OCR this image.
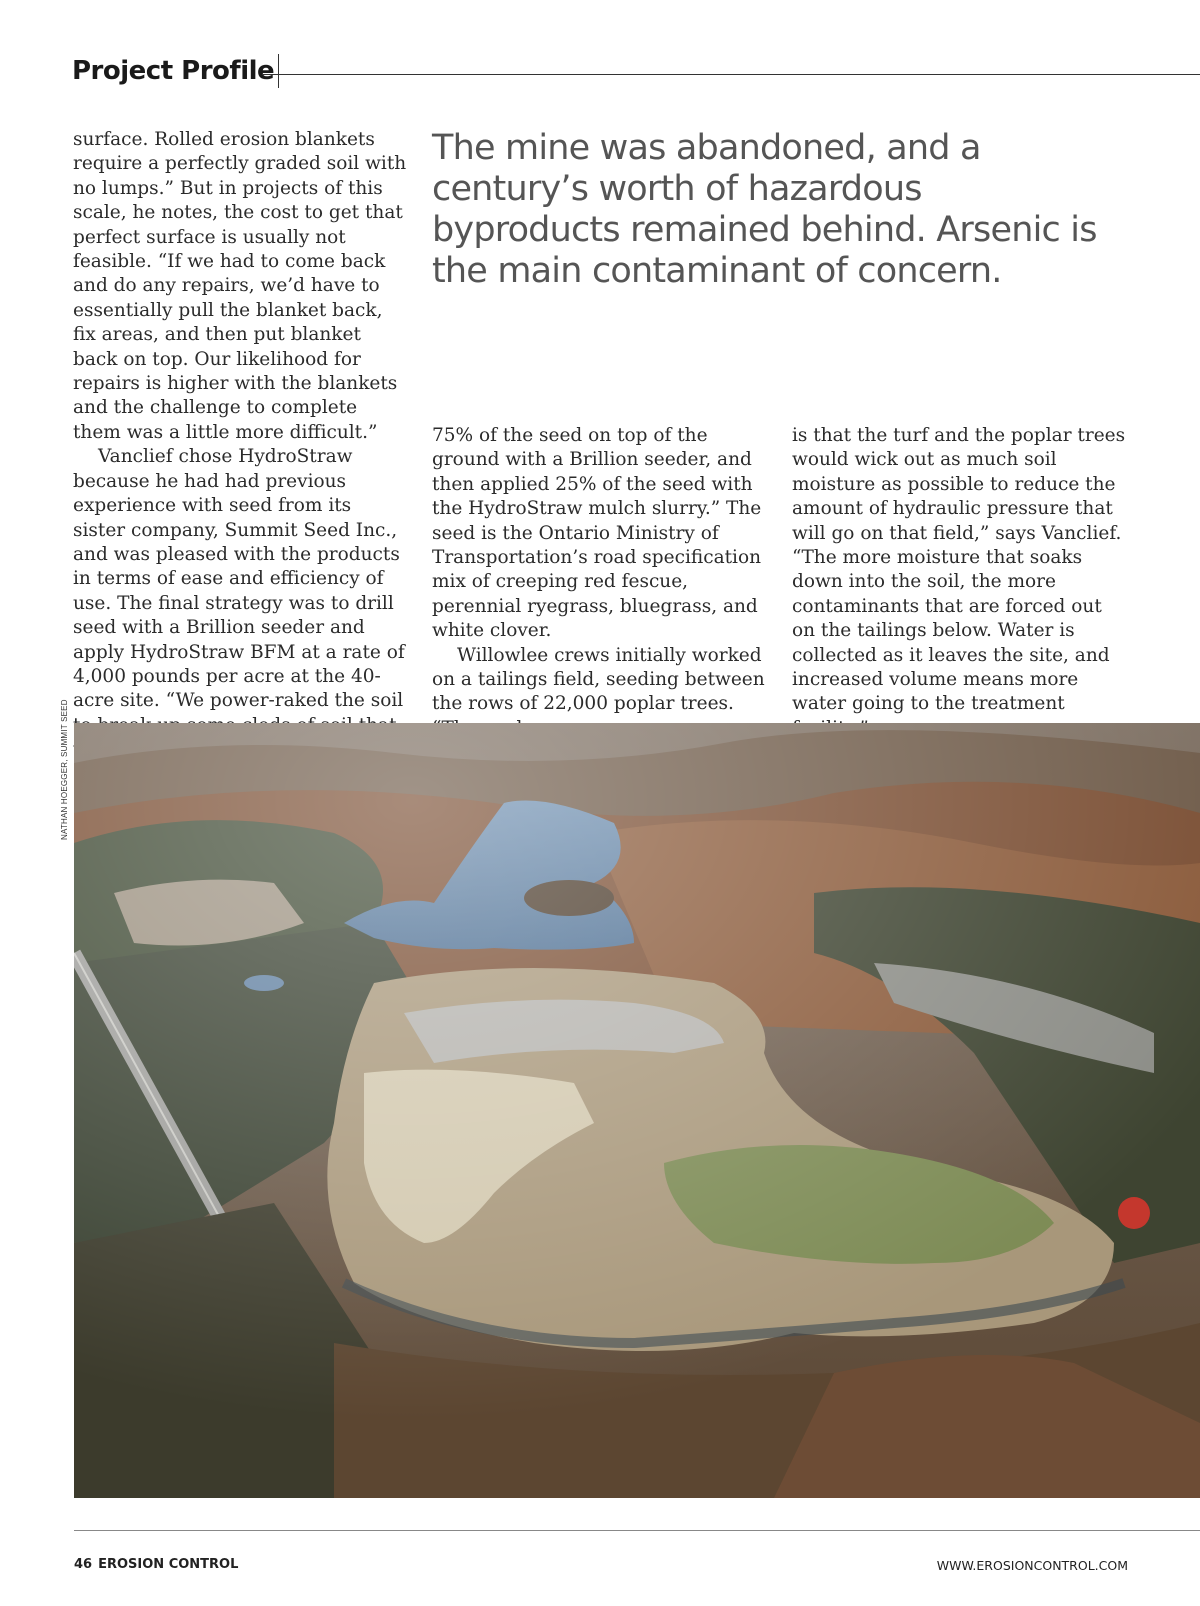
Project Profile

surface. Rolled erosion blankets require a perfectly graded soil with no lumps.” But in projects of this scale, he notes, the cost to get that perfect surface is usually not feasible. “If we had to come back and do any repairs, we’d have to essentially pull the blanket back, fix areas, and then put blanket back on top. Our likelihood for repairs is higher with the blankets and the challenge to complete them was a little more difficult.”

Vanclief chose HydroStraw because he had had previous experience with seed from its sister company, Summit Seed Inc., and was pleased with the products in terms of ease and efficiency of use. The final strategy was to drill seed with a Brillion seeder and apply HydroStraw BFM at a rate of 4,000 pounds per acre at the 40-acre site. “We power-raked the soil

The mine was abandoned, and a century’s worth of hazardous byproducts remained behind. Arsenic is the main contaminant of concern.

75% of the seed on top of the ground with a Brillion seeder, and then applied 25% of the seed with the HydroStraw mulch slurry.” The seed is the Ontario Ministry of Transportation’s road specification mix of creeping red fescue, perennial ryegrass, bluegrass, and white clover.

Willowlee crews initially worked on a tailings field, seeding between the rows of 22,000 poplar trees.

is that the turf and the poplar trees would wick out as much soil moisture as possible to reduce the amount of hydraulic pressure that will go on that field,” says Vanclief. “The more moisture that soaks down into the soil, the more contaminants that are forced out on the tailings below. Water is collected as it leaves the site, and increased volume means more water going to the treatment

NATHAN HOEGGER, SUMMIT SEED
46 EROSION CONTROL	WWW.EROSIONCONTROL.COM
